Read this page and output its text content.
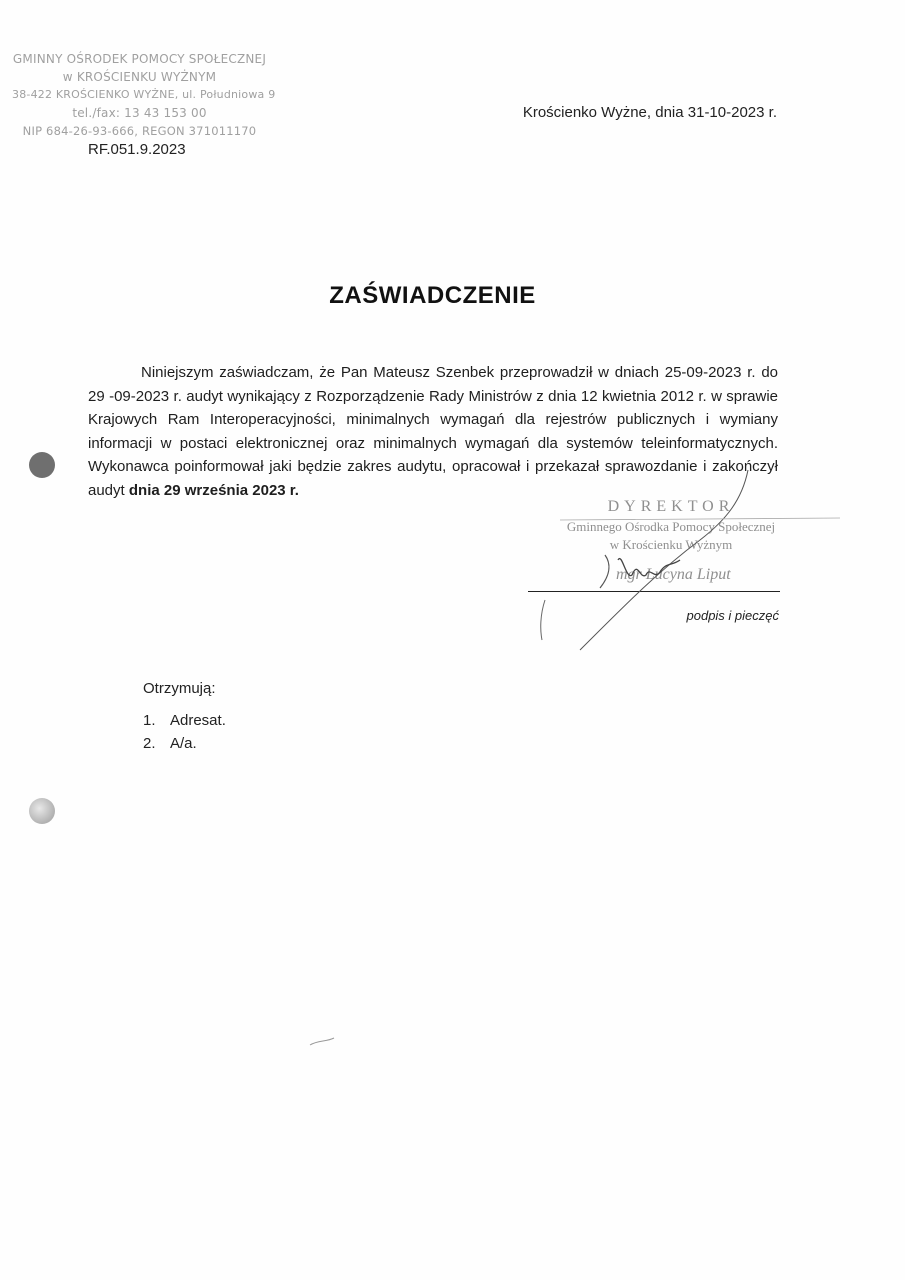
GMINNY OŚRODEK POMOCY SPOŁECZNEJ
w KROŚCIENKU WYŻNYM
38-422 KROŚCIENKO WYŻNE, ul. Południowa 9
tel./fax: 13 43 153 00
NIP 684-26-93-666, REGON 371011170
RF.051.9.2023
Krościenko Wyżne, dnia 31-10-2023 r.
ZAŚWIADCZENIE
Niniejszym zaświadczam, że Pan Mateusz Szenbek przeprowadził w dniach 25-09-2023 r. do 29 -09-2023 r. audyt wynikający z Rozporządzenie Rady Ministrów z dnia 12 kwietnia 2012 r. w sprawie Krajowych Ram Interoperacyjności, minimalnych wymagań dla rejestrów publicznych i wymiany informacji w postaci elektronicznej oraz minimalnych wymagań dla systemów teleinformatycznych. Wykonawca poinformował jaki będzie zakres audytu, opracował i przekazał sprawozdanie i zakończył audyt dnia 29 września 2023 r.
DYREKTOR
Gminnego Ośrodka Pomocy Społecznej
w Krościenku Wyżnym
mgr Lucyna Liput
podpis i pieczęć
Otrzymują:
1. Adresat.
2. A/a.
